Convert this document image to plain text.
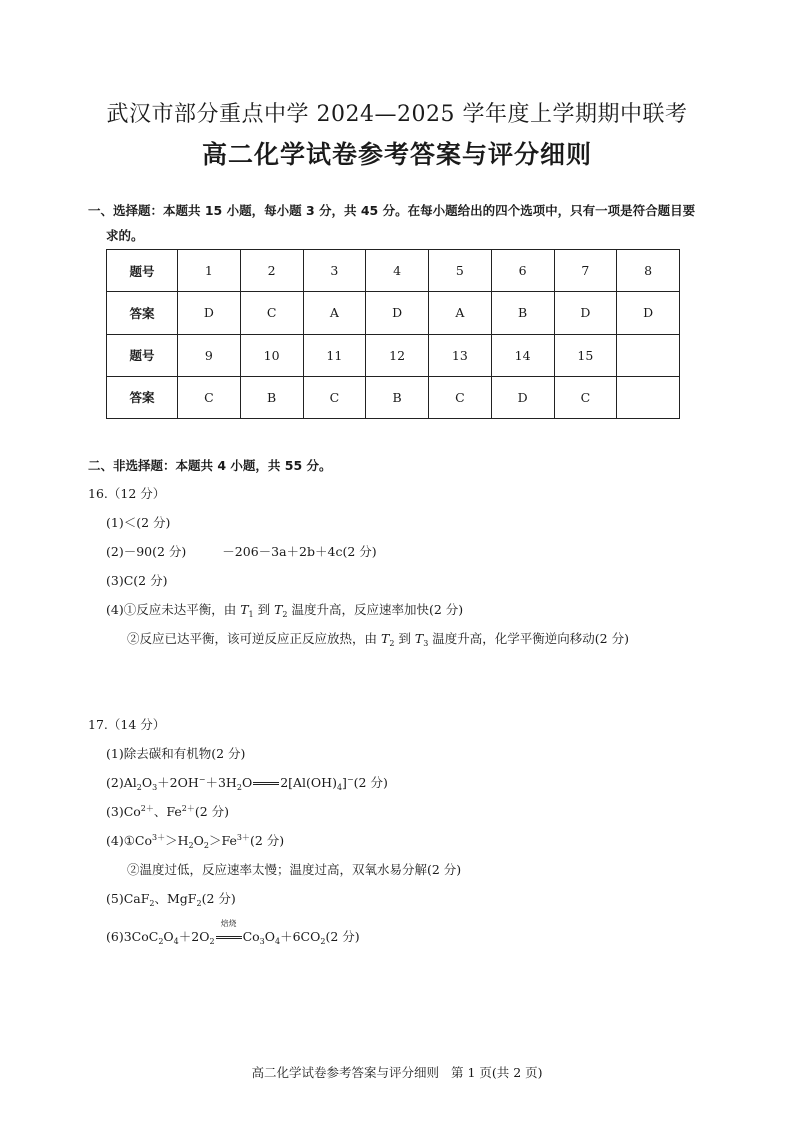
武汉市部分重点中学 2024—2025 学年度上学期期中联考
高二化学试卷参考答案与评分细则
一、选择题：本题共 15 小题，每小题 3 分，共 45 分。在每小题给出的四个选项中，只有一项是符合题目要
求的。
题号	1	2	3	4	5	6	7	8
答案	D	C	A	D	A	B	D	D
题号	9	10	11	12	13	14	15	
答案	C	B	C	B	C	D	C	
二、非选择题：本题共 4 小题，共 55 分。
16.（12 分）
(1)＜(2 分)
(2)－90(2 分)	－206－3a＋2b＋4c(2 分)
(3)C(2 分)
(4)①反应未达平衡，由 $T_1$ 到 $T_2$ 温度升高，反应速率加快(2 分)
②反应已达平衡，该可逆反应正反应放热，由 $T_2$ 到 $T_3$ 温度升高，化学平衡逆向移动(2 分)
17.（14 分）
(1)除去碳和有机物(2 分)
$(2)Al_2O_3+2OH^-+3H_2O$ $2[Al(OH)_4]^-(2$ 分)
$(3)Co^{2+}$、$Fe^{2+}(2$ 分)
$(4)①Co^{3+}>H_2O_2>Fe^{3+}(2$ 分)
②温度过低，反应速率太慢；温度过高，双氧水易分解(2 分)
(5)CaF$_2$、MgF$_2$(2 分)
$(6)3CoC_2O_4+2O_2$
焙烧
$Co_3O_4+6CO_2(2$ 分)
高二化学试卷参考答案与评分细则 第 1 页(共 2 页)
